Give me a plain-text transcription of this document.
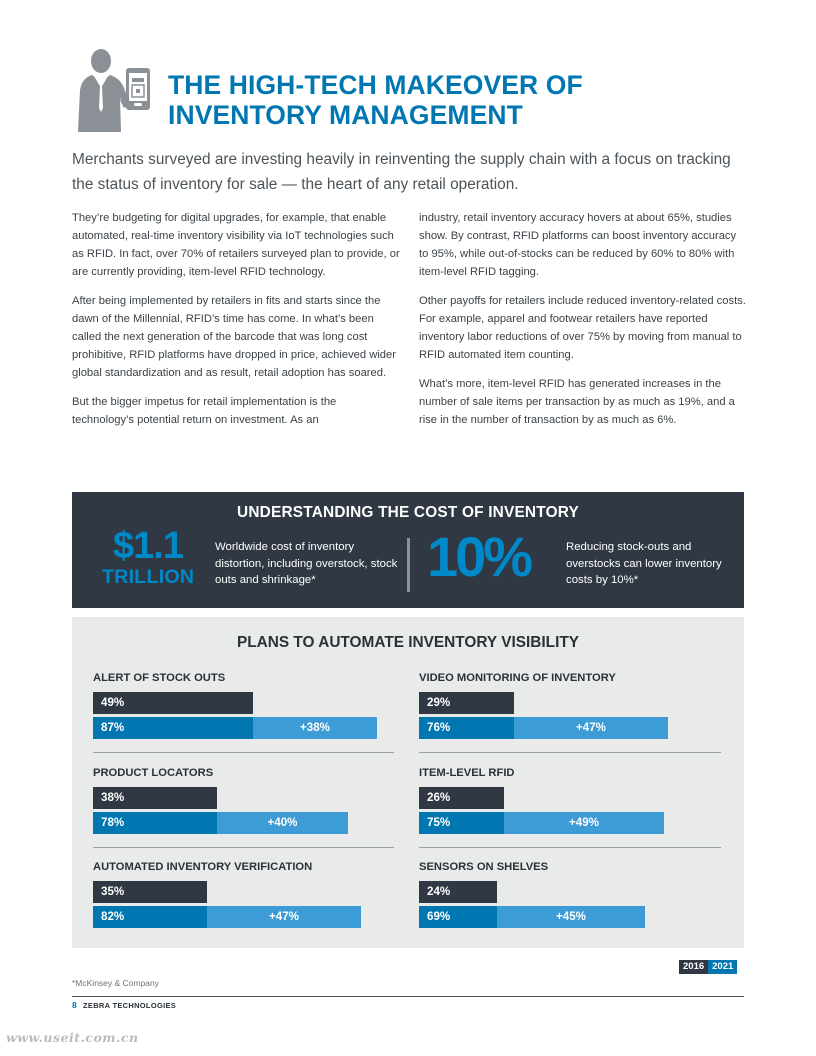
THE HIGH-TECH MAKEOVER OF
INVENTORY MANAGEMENT
Merchants surveyed are investing heavily in reinventing the supply chain with a focus on tracking the status of inventory for sale — the heart of any retail operation.

They’re budgeting for digital upgrades, for example, that enable automated, real-time inventory visibility via IoT technologies such as RFID. In fact, over 70% of retailers surveyed plan to provide, or are currently providing, item-level RFID technology.

After being implemented by retailers in fits and starts since the dawn of the Millennial, RFID’s time has come. In what’s been called the next generation of the barcode that was long cost prohibitive, RFID platforms have dropped in price, achieved wider global standardization and as result, retail adoption has soared.

But the bigger impetus for retail implementation is the technology’s potential return on investment. As an

industry, retail inventory accuracy hovers at about 65%, studies show. By contrast, RFID platforms can boost inventory accuracy to 95%, while out-of-stocks can be reduced by 60% to 80% with item-level RFID tagging.

Other payoffs for retailers include reduced inventory-related costs. For example, apparel and footwear retailers have reported inventory labor reductions of over 75% by moving from manual to RFID automated item counting.

What’s more, item-level RFID has generated increases in the number of sale items per transaction by as much as 19%, and a rise in the number of transaction by as much as 6%.

UNDERSTANDING THE COST OF INVENTORY
$1.1
TRILLION
Worldwide cost of inventory distortion, including overstock, stock outs and shrinkage*	10%	Reducing stock-outs and overstocks can lower inventory costs by 10%*
PLANS TO AUTOMATE INVENTORY VISIBILITY
ALERT OF STOCK OUTS
49%
+38%
87%
VIDEO MONITORING OF INVENTORY
29%
+47%
76%
PRODUCT LOCATORS
38%
+40%
78%
ITEM-LEVEL RFID
26%
+49%
75%
AUTOMATED INVENTORY VERIFICATION
35%
+47%
82%
SENSORS ON SHELVES
24%
+45%
69%
2016 2021
*McKinsey & Company
8 ZEBRA TECHNOLOGIES
www.useit.com.cn
